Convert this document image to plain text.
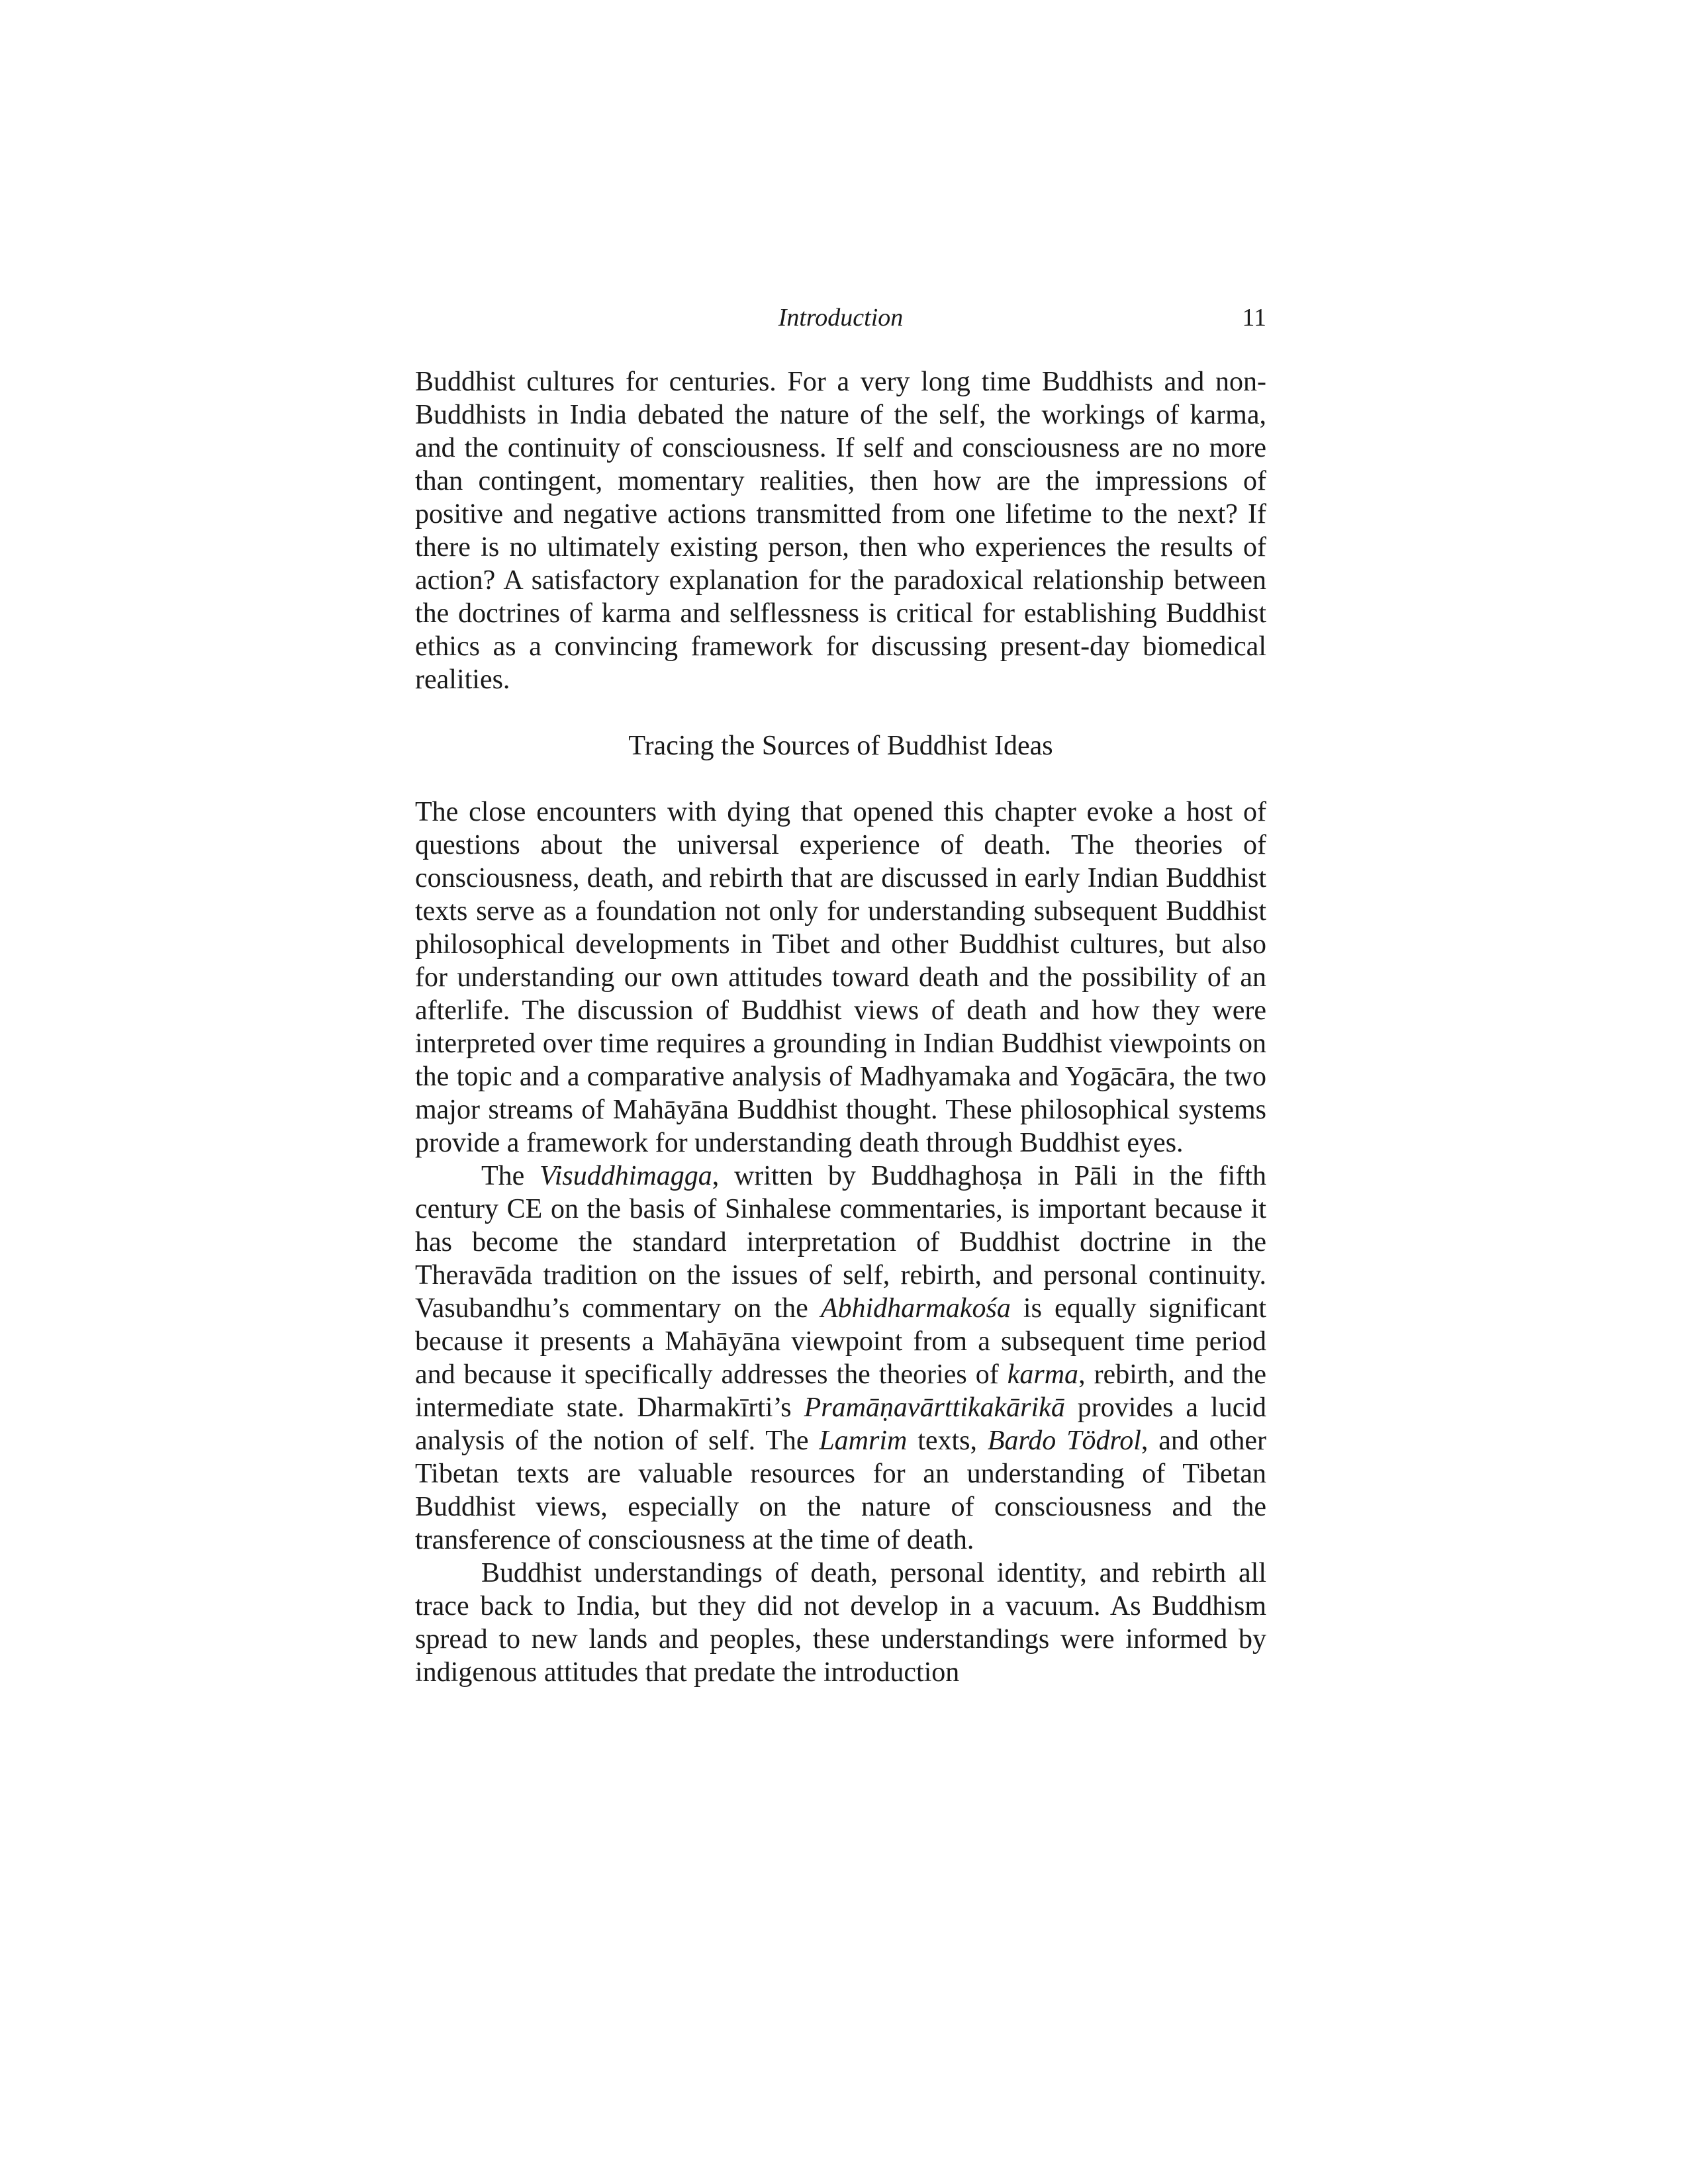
Introduction	11

Buddhist cultures for centuries. For a very long time Buddhists and non-Buddhists in India debated the nature of the self, the workings of karma, and the continuity of consciousness. If self and consciousness are no more than contingent, momentary realities, then how are the impressions of positive and negative actions transmitted from one lifetime to the next? If there is no ultimately existing person, then who experiences the results of action? A satisfactory explanation for the paradoxical relationship between the doctrines of karma and selflessness is critical for establishing Buddhist ethics as a convincing framework for discussing present-day biomedical realities.

Tracing the Sources of Buddhist Ideas

The close encounters with dying that opened this chapter evoke a host of questions about the universal experience of death. The theories of consciousness, death, and rebirth that are discussed in early Indian Buddhist texts serve as a foundation not only for understanding subsequent Buddhist philosophical developments in Tibet and other Buddhist cultures, but also for understanding our own attitudes toward death and the possibility of an afterlife. The discussion of Buddhist views of death and how they were interpreted over time requires a grounding in Indian Buddhist viewpoints on the topic and a comparative analysis of Madhyamaka and Yogācāra, the two major streams of Mahāyāna Buddhist thought. These philosophical systems provide a framework for understanding death through Buddhist eyes.

The Visuddhimagga, written by Buddhaghoṣa in Pāli in the fifth century CE on the basis of Sinhalese commentaries, is important because it has become the standard interpretation of Buddhist doctrine in the Theravāda tradition on the issues of self, rebirth, and personal continuity. Vasubandhu’s commentary on the Abhidharmakośa is equally significant because it presents a Mahāyāna viewpoint from a subsequent time period and because it specifically addresses the theories of karma, rebirth, and the intermediate state. Dharmakīrti’s Pramāṇavārttikakārikā provides a lucid analysis of the notion of self. The Lamrim texts, Bardo Tödrol, and other Tibetan texts are valuable resources for an understanding of Tibetan Buddhist views, especially on the nature of consciousness and the transference of consciousness at the time of death.

Buddhist understandings of death, personal identity, and rebirth all trace back to India, but they did not develop in a vacuum. As Buddhism spread to new lands and peoples, these understandings were informed by indigenous attitudes that predate the introduction
